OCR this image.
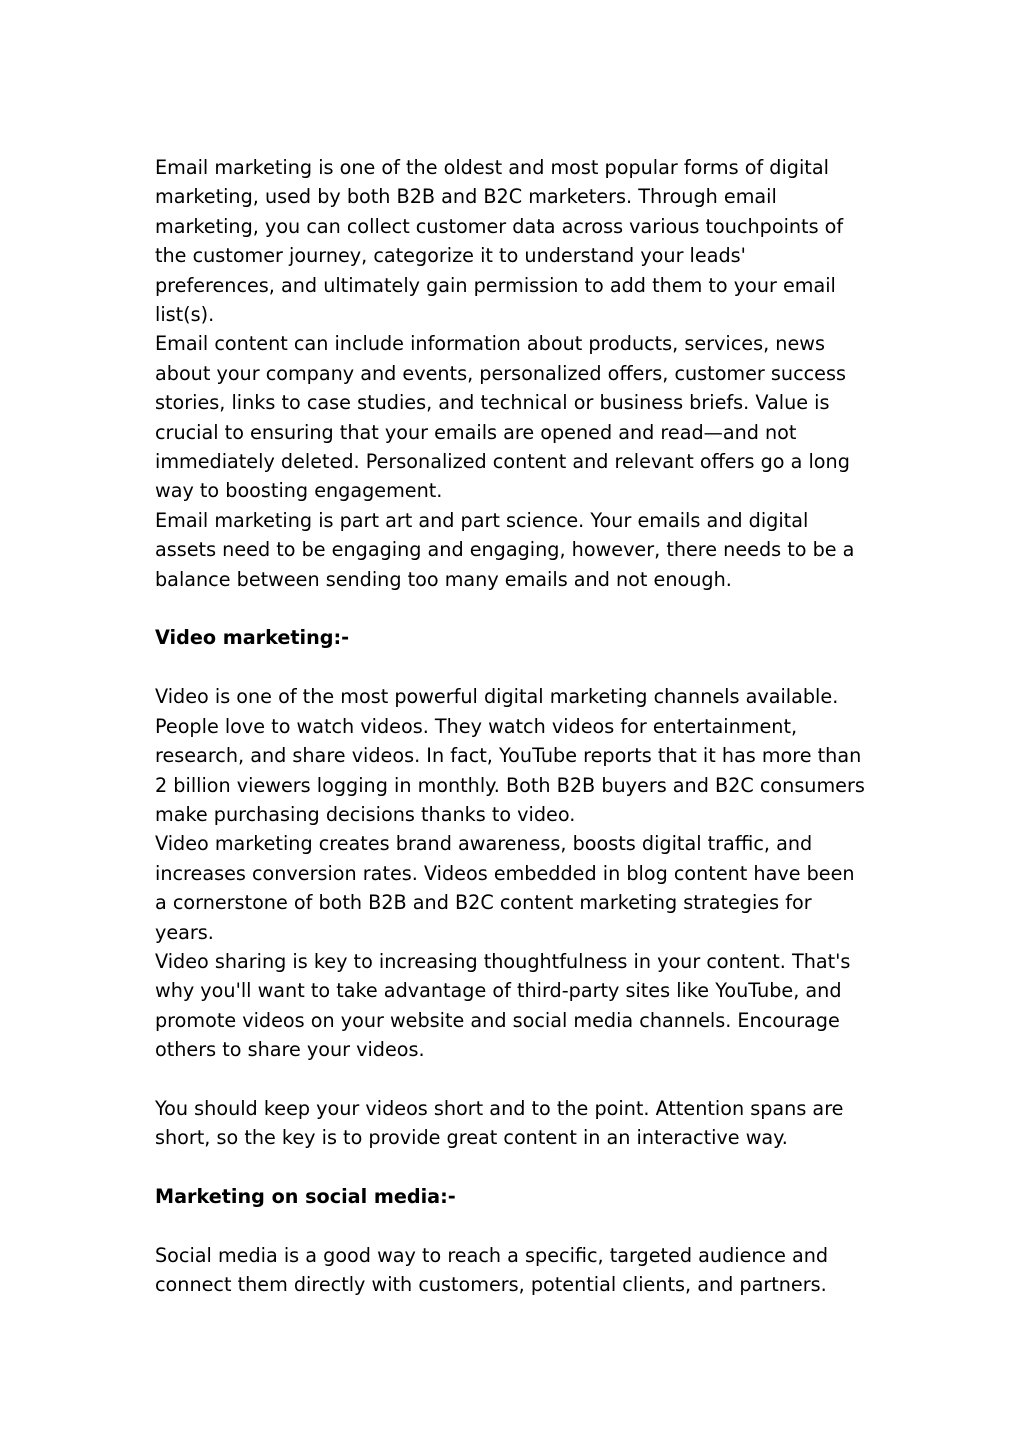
Email marketing is one of the oldest and most popular forms of digital marketing, used by both B2B and B2C marketers. Through email marketing, you can collect customer data across various touchpoints of the customer journey, categorize it to understand your leads' preferences, and ultimately gain permission to add them to your email list(s).

Email content can include information about products, services, news about your company and events, personalized offers, customer success stories, links to case studies, and technical or business briefs. Value is crucial to ensuring that your emails are opened and read—and not immediately deleted. Personalized content and relevant offers go a long way to boosting engagement.

Email marketing is part art and part science. Your emails and digital assets need to be engaging and engaging, however, there needs to be a balance between sending too many emails and not enough.

Video marketing:-

Video is one of the most powerful digital marketing channels available. People love to watch videos. They watch videos for entertainment, research, and share videos. In fact, YouTube reports that it has more than 2 billion viewers logging in monthly. Both B2B buyers and B2C consumers make purchasing decisions thanks to video.

Video marketing creates brand awareness, boosts digital traffic, and increases conversion rates. Videos embedded in blog content have been a cornerstone of both B2B and B2C content marketing strategies for years.

Video sharing is key to increasing thoughtfulness in your content. That's why you'll want to take advantage of third-party sites like YouTube, and promote videos on your website and social media channels. Encourage others to share your videos.

You should keep your videos short and to the point. Attention spans are short, so the key is to provide great content in an interactive way.

Marketing on social media:-

Social media is a good way to reach a specific, targeted audience and connect them directly with customers, potential clients, and partners.
